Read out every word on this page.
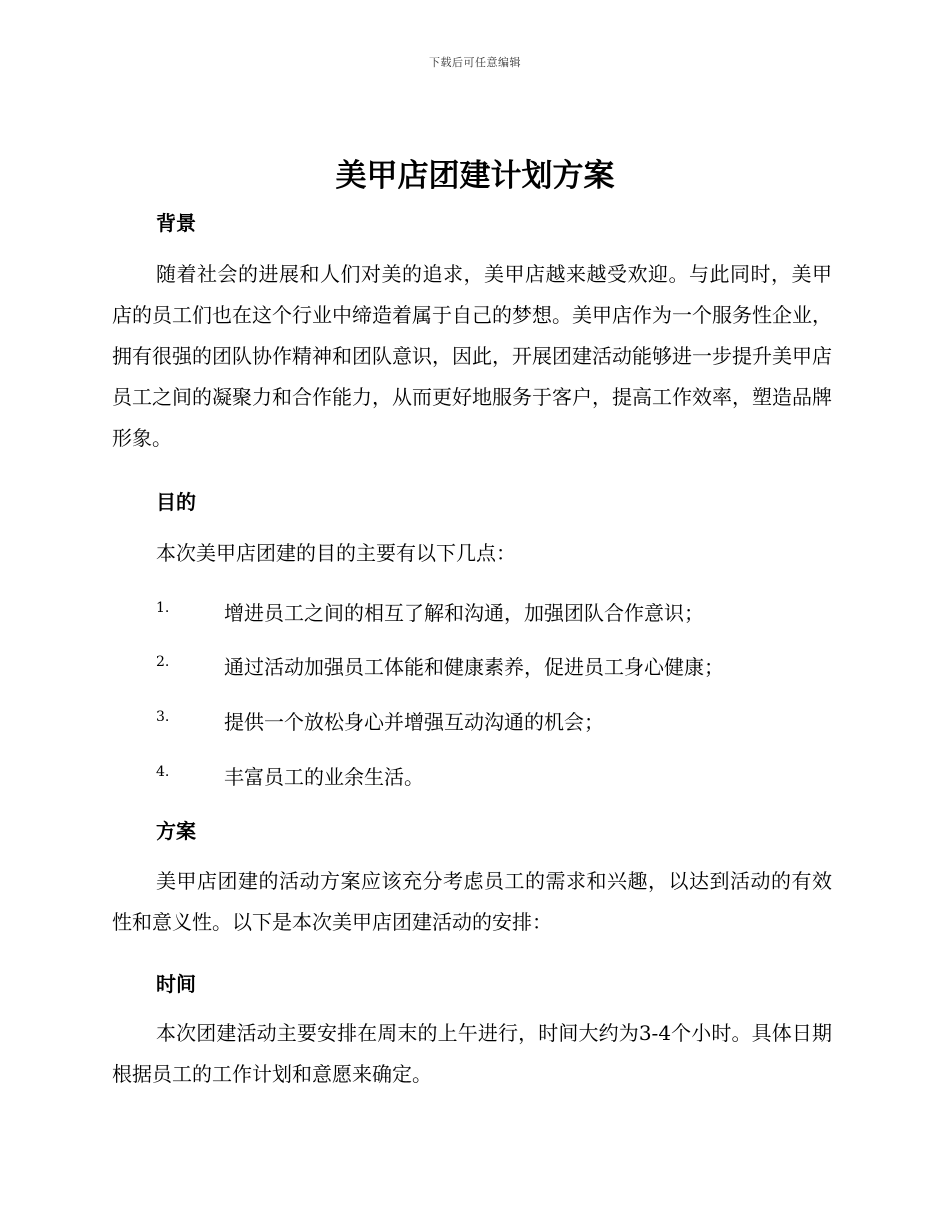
下载后可任意编辑
美甲店团建计划方案
背景

随着社会的进展和人们对美的追求，美甲店越来越受欢迎。与此同时，美甲店的员工们也在这个行业中缔造着属于自己的梦想。美甲店作为一个服务性企业，拥有很强的团队协作精神和团队意识，因此，开展团建活动能够进一步提升美甲店员工之间的凝聚力和合作能力，从而更好地服务于客户，提高工作效率，塑造品牌形象。

目的

本次美甲店团建的目的主要有以下几点：

1.	增进员工之间的相互了解和沟通，加强团队合作意识；
2.	通过活动加强员工体能和健康素养，促进员工身心健康；
3.	提供一个放松身心并增强互动沟通的机会；
4.	丰富员工的业余生活。
方案

美甲店团建的活动方案应该充分考虑员工的需求和兴趣，以达到活动的有效性和意义性。以下是本次美甲店团建活动的安排：

时间

本次团建活动主要安排在周末的上午进行，时间大约为3-4个小时。具体日期根据员工的工作计划和意愿来确定。
